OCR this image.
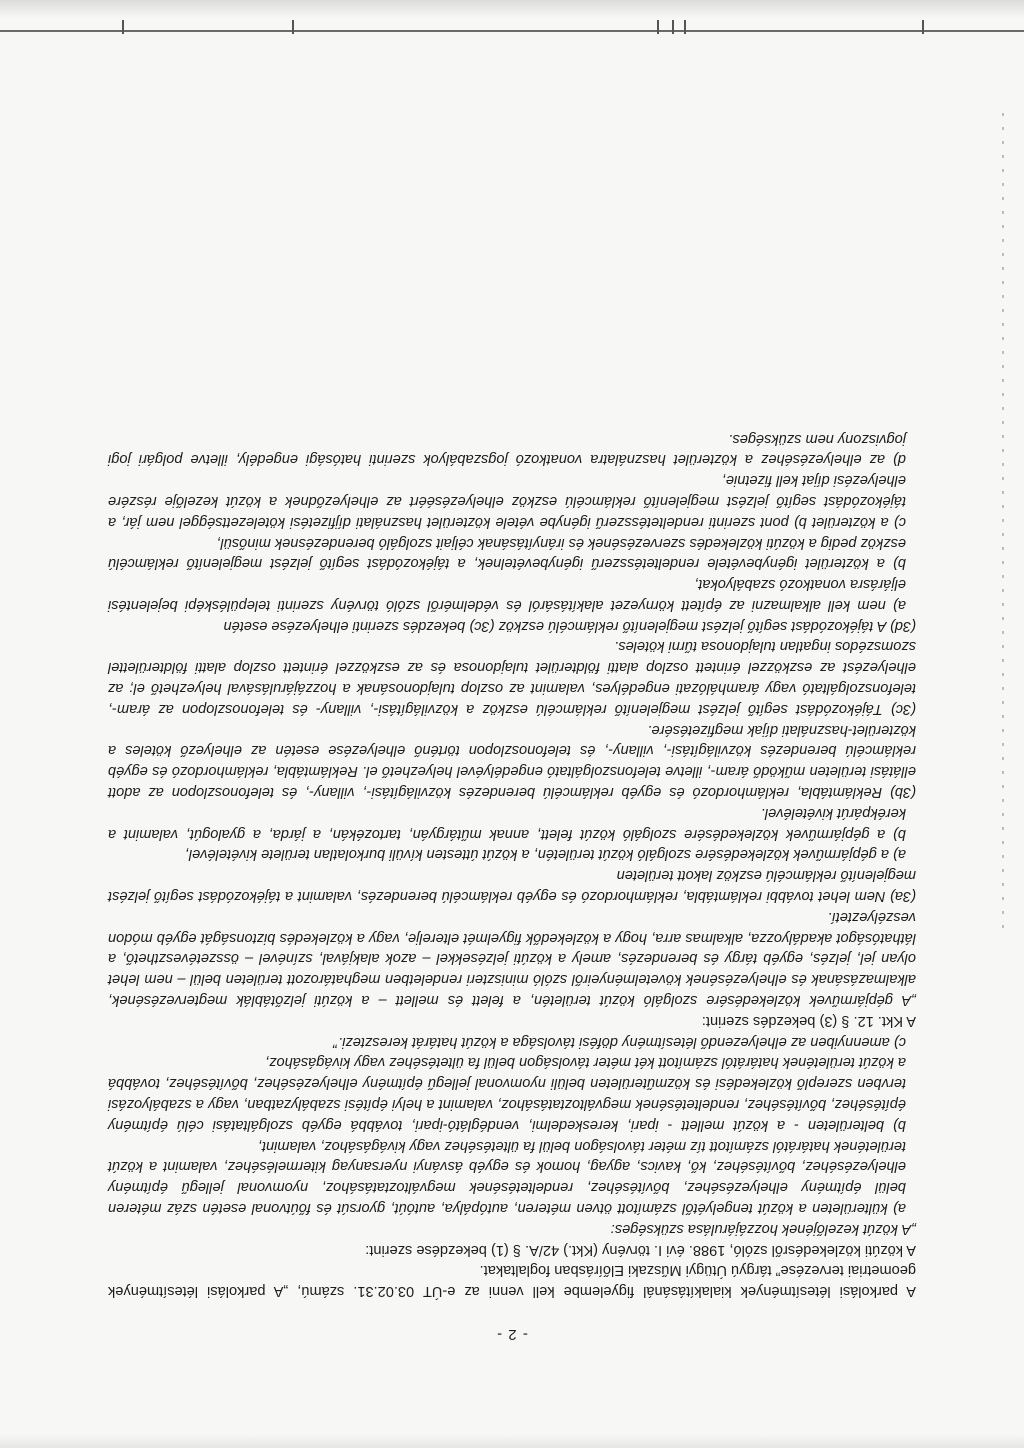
- 2 -

A parkolási létesítmények kialakításánál figyelembe kell venni az e-ÚT 03.02.31. számú, „A parkolási létesítmények geometriai tervezése” tárgyú Útügyi Műszaki Előírásban foglaltakat.

A közúti közlekedésről szóló, 1988. évi I. törvény (Kkt.) 42/A. § (1) bekezdése szerint:

„A közút kezelőjének hozzájárulása szükséges:

a) külterületen a közút tengelyétől számított ötven méteren, autópálya, autóút, gyorsút és főútvonal esetén száz méteren belül építmény elhelyezéséhez, bővítéséhez, rendeltetésének megváltoztatásához, nyomvonal jellegű építmény elhelyezéséhez, bővítéséhez, kő, kavics, agyag, homok és egyéb ásványi nyersanyag kitermeléséhez, valamint a közút területének határától számított tíz méter távolságon belül fa ültetéséhez vagy kivágásához, valamint,

b) belterületen - a közút mellett - ipari, kereskedelmi, vendéglátó-ipari, továbbá egyéb szolgáltatási célú építmény építéséhez, bővítéséhez, rendeltetésének megváltoztatásához, valamint a helyi építési szabályzatban, vagy a szabályozási tervben szereplő közlekedési és közműterületen belüli nyomvonal jellegű építmény elhelyezéséhez, bővítéséhez, továbbá a közút területének határától számított két méter távolságon belül fa ültetéséhez vagy kivágásához,

c) amennyiben az elhelyezendő létesítmény döfési távolsága a közút határát keresztezi.”

A Kkt. 12. § (3) bekezdés szerint:

„A gépjárművek közlekedésére szolgáló közút területén, a felett és mellett – a közúti jelzőtáblák megtervezésének, alkalmazásának és elhelyezésének követelményeiről szóló miniszteri rendeletben meghatározott területen belül – nem lehet olyan jel, jelzés, egyéb tárgy és berendezés, amely a közúti jelzésekkel – azok alakjával, színével – összetéveszthető, a láthatóságot akadályozza, alkalmas arra, hogy a közlekedők figyelmét elterelje, vagy a közlekedés biztonságát egyéb módon veszélyeztetí.

(3a) Nem lehet további reklámtábla, reklámhordozó és egyéb reklámcélú berendezés, valamint a tájékozódást segítő jelzést megjelenítő reklámcélú eszköz lakott területen

a) a gépjárművek közlekedésére szolgáló közút területén, a közút úttesten kívüli burkolatlan területe kivételével,

b) a gépjárművek közlekedésére szolgáló közút felett, annak műtárgyán, tartozékán, a járda, a gyalogút, valamint a kerékpárút kivételével.

(3b) Reklámtábla, reklámhordozó és egyéb reklámcélú berendezés közvilágítási-, villany-, és telefonoszlopon az adott ellátási területen működő áram-, illetve telefonszolgáltató engedélyével helyezhető el. Reklámtábla, reklámhordozó és egyéb reklámcélú berendezés közvilágítási-, villany-, és telefonoszlopon történő elhelyezése esetén az elhelyező köteles a közterület-használati díjak megfizetésére.

(3c) Tájékozódást segítő jelzést megjelenítő reklámcélú eszköz a közvilágítási-, villany- és telefonoszlopon az áram-, telefonszolgáltató vagy áramhálózati engedélyes, valamint az oszlop tulajdonosának a hozzájárulásával helyezhető el; az elhelyezést az eszközzel érintett oszlop alatti földterület tulajdonosa és az eszközzel érintett oszlop alatti földterülettel szomszédos ingatlan tulajdonosa tűrni köteles.

(3d) A tájékozódást segítő jelzést megjelenítő reklámcélú eszköz (3c) bekezdés szerinti elhelyezése esetén

a) nem kell alkalmazni az épített környezet alakításáról és védelméről szóló törvény szerinti településképi bejelentési eljárásra vonatkozó szabályokat,

b) a közterület igénybevétele rendeltetésszerű igénybevételnek, a tájékozódást segítő jelzést megjelenítő reklámcélú eszköz pedig a közúti közlekedés szervezésének és irányításának céljait szolgáló berendezésnek minősül,

c) a közterület b) pont szerinti rendeltetésszerű igénybe vétele közterület használati díjfizetési kötelezettséggel nem jár, a tájékozódást segítő jelzést megjelenítő reklámcélú eszköz elhelyezéséért az elhelyeződnek a közút kezelője részére elhelyezési díjat kell fizetnie,

d) az elhelyezéséhez a közterület használatra vonatkozó jogszabályok szerinti hatósági engedély, illetve polgári jogi jogviszony nem szükséges.
